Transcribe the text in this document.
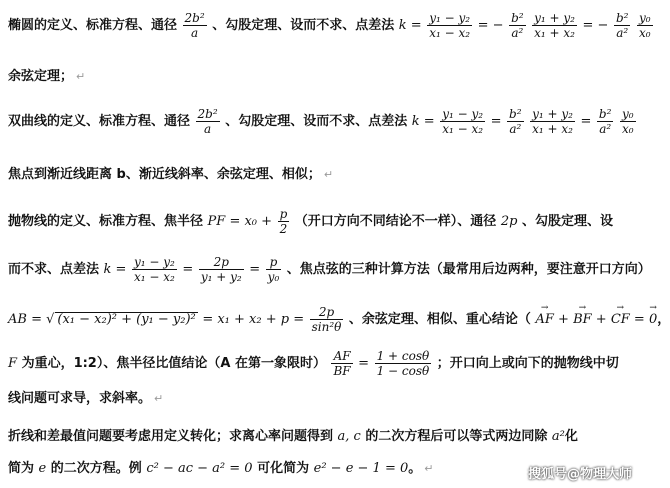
椭圆的定义、标准方程、通径 $\frac{\text{2b²}}{a}$ 、勾股定理、设而不求、点差法 $k = \frac{\text{y₁ − y₂}}{\text{x₁ − x₂}}$ = − $\frac{\text{b²}}{\text{a²}}$
$\frac{\text{y₁ + y₂}}{\text{x₁ + x₂}}$ = − $\frac{\text{b²}}{\text{a²}}$
$\frac{\text{y₀}}{\text{x₀}}$
余弦定理； ↵
双曲线的定义、标准方程、通径 $\frac{\text{2b²}}{a}$ 、勾股定理、设而不求、点差法 $k = \frac{\text{y₁ − y₂}}{\text{x₁ − x₂}} = \frac{\text{b²}}{\text{a²}}$
$\frac{\text{y₁ + y₂}}{\text{x₁ + x₂}} = \frac{\text{b²}}{\text{a²}}$
$\frac{\text{y₀}}{\text{x₀}}$
焦点到渐近线距离 b、渐近线斜率、余弦定理、相似； ↵
抛物线的定义、标准方程、焦半径 PF = $x_0 + \frac{p}{2}$ （开口方向不同结论不一样）、通径 2p 、勾股定理、设
而不求、点差法 $k = \frac{\text{y₁ − y₂}}{\text{x₁ − x₂}} = \frac{2p}{\text{y₁ + y₂}} = \frac{p}{\text{y₀}}$ 、焦点弦的三种计算方法（最常用后边两种，要注意开口方向）
AB = √ $(x_1 - x_2)^2 + (y_1 - y_2)^2 = x_1 + x_2 + p = \frac{2p}{\text{sin²θ}}$ 、余弦定理、相似、重心结论（ → AF + → BF + → CF = → 0，
F 为重心，1:2）、焦半径比值结论（A 在第一象限时） $\frac{AF}{BF} = \frac{1 + \cos\theta}{1 - \cos\theta}$ ；开口向上或向下的抛物线中切
线问题可求导，求斜率。 ↵
折线和差最值问题要考虑用定义转化；求离心率问题得到 a, c 的二次方程后可以等式两边同除 a²化
简为 e 的二次方程。例 c² − ac − a² = 0 可化简为 e² − e − 1 = 0。 ↵	搜狐号@物理大师
